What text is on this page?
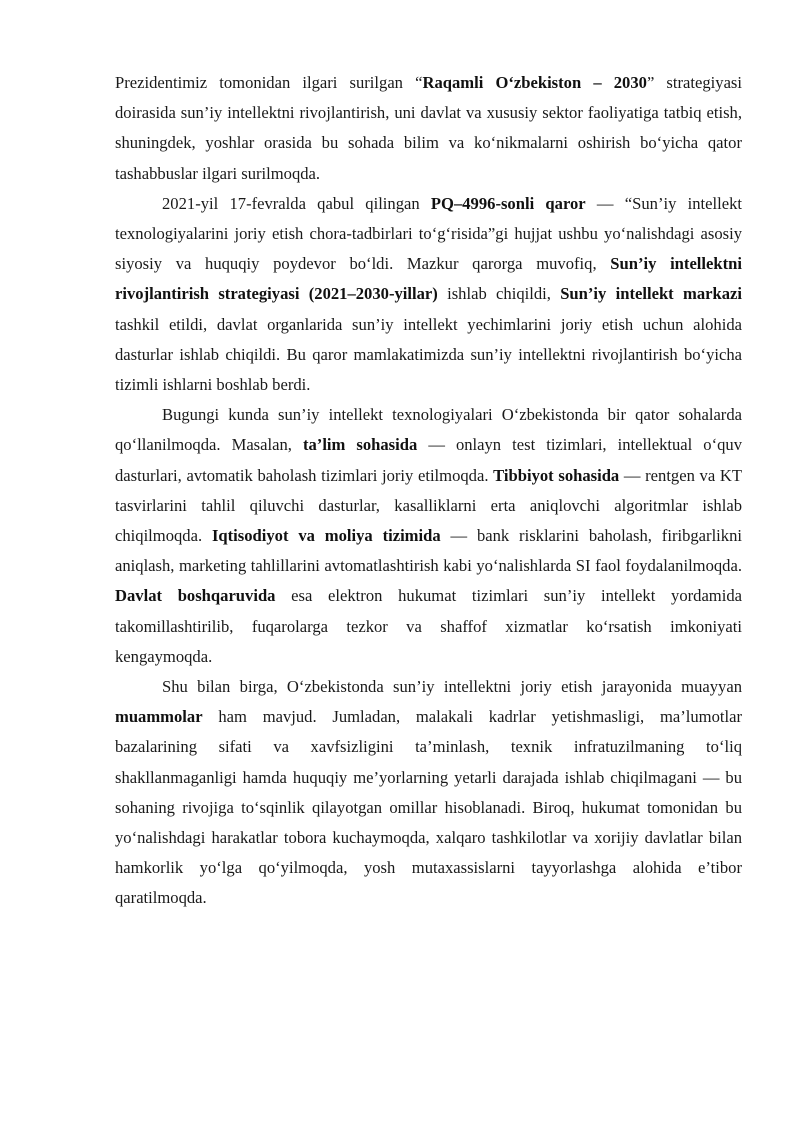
Prezidentimiz tomonidan ilgari surilgan “Raqamli O‘zbekiston – 2030” strategiyasi doirasida sun’iy intellektni rivojlantirish, uni davlat va xususiy sektor faoliyatiga tatbiq etish, shuningdek, yoshlar orasida bu sohada bilim va ko‘nikmalarni oshirish bo‘yicha qator tashabbuslar ilgari surilmoqda.

2021-yil 17-fevralda qabul qilingan PQ–4996-sonli qaror — “Sun’iy intellekt texnologiyalarini joriy etish chora-tadbirlari to‘g‘risida”gi hujjat ushbu yo‘nalishdagi asosiy siyosiy va huquqiy poydevor bo‘ldi. Mazkur qarorga muvofiq, Sun’iy intellektni rivojlantirish strategiyasi (2021–2030-yillar) ishlab chiqildi, Sun’iy intellekt markazi tashkil etildi, davlat organlarida sun’iy intellekt yechimlarini joriy etish uchun alohida dasturlar ishlab chiqildi. Bu qaror mamlakatimizda sun’iy intellektni rivojlantirish bo‘yicha tizimli ishlarni boshlab berdi.

Bugungi kunda sun’iy intellekt texnologiyalari O‘zbekistonda bir qator sohalarda qo‘llanilmoqda. Masalan, ta’lim sohasida — onlayn test tizimlari, intellektual o‘quv dasturlari, avtomatik baholash tizimlari joriy etilmoqda. Tibbiyot sohasida — rentgen va KT tasvirlarini tahlil qiluvchi dasturlar, kasalliklarni erta aniqlovchi algoritmlar ishlab chiqilmoqda. Iqtisodiyot va moliya tizimida — bank risklarini baholash, firibgarlikni aniqlash, marketing tahlillarini avtomatlashtirish kabi yo‘nalishlarda SI faol foydalanilmoqda. Davlat boshqaruvida esa elektron hukumat tizimlari sun’iy intellekt yordamida takomillashtirilib, fuqarolarga tezkor va shaffof xizmatlar ko‘rsatish imkoniyati kengaymoqda.

Shu bilan birga, O‘zbekistonda sun’iy intellektni joriy etish jarayonida muayyan muammolar ham mavjud. Jumladan, malakali kadrlar yetishmasligi, ma’lumotlar bazalarining sifati va xavfsizligini ta’minlash, texnik infratuzilmaning to‘liq shakllanmaganligi hamda huquqiy me’yorlarning yetarli darajada ishlab chiqilmagani — bu sohaning rivojiga to‘sqinlik qilayotgan omillar hisoblanadi. Biroq, hukumat tomonidan bu yo‘nalishdagi harakatlar tobora kuchaymoqda, xalqaro tashkilotlar va xorijiy davlatlar bilan hamkorlik yo‘lga qo‘yilmoqda, yosh mutaxassislarni tayyorlashga alohida e’tibor qaratilmoqda.
